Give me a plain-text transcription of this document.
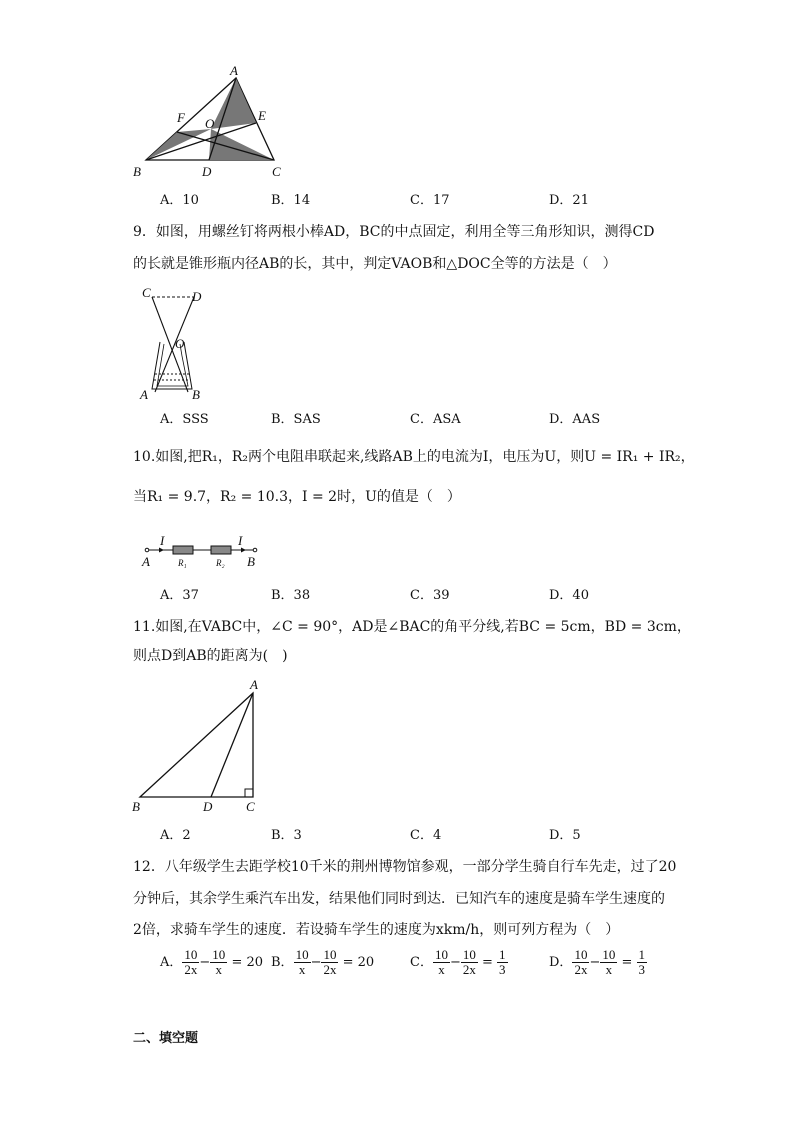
A
E
F O
B	D	C
A．10	B．14	C．17	D．21
9．如图，用螺丝钉将两根小棒AD，BC的中点固定，利用全等三角形知识，测得CD
的长就是锥形瓶内径AB的长，其中，判定VAOB和△DOC全等的方法是（　）
C	D
O
A	B
A．SSS	B．SAS	C．ASA	D．AAS
10.如图,把R₁，R₂两个电阻串联起来,线路AB上的电流为I，电压为U，则U = IR₁ + IR₂，
当R₁ = 9.7，R₂ = 10.3，I = 2时，U的值是（　）
I	I
A	B
R₁	R₂
A．37	B．38	C．39	D．40
11.如图,在VABC中，∠C = 90°，AD是∠BAC的角平分线,若BC = 5cm，BD = 3cm，
则点D到AB的距离为(　)
A
B	D	C
A．2	B．3	C．4	D．5
12．八年级学生去距学校10千米的荆州博物馆参观，一部分学生骑自行车先走，过了20
分钟后，其余学生乘汽车出发，结果他们同时到达．已知汽车的速度是骑车学生速度的
2倍，求骑车学生的速度．若设骑车学生的速度为xkm/h，则可列方程为（　）
A． $\frac{10}{2x} - \frac{10}{x} = 20$ B． $\frac{10}{x} - \frac{10}{2x} = 20$	C． $\frac{10}{x} - \frac{10}{2x} = \frac{1}{3}$	D． $\frac{10}{2x} - \frac{10}{x} = \frac{1}{3}$
二、填空题
